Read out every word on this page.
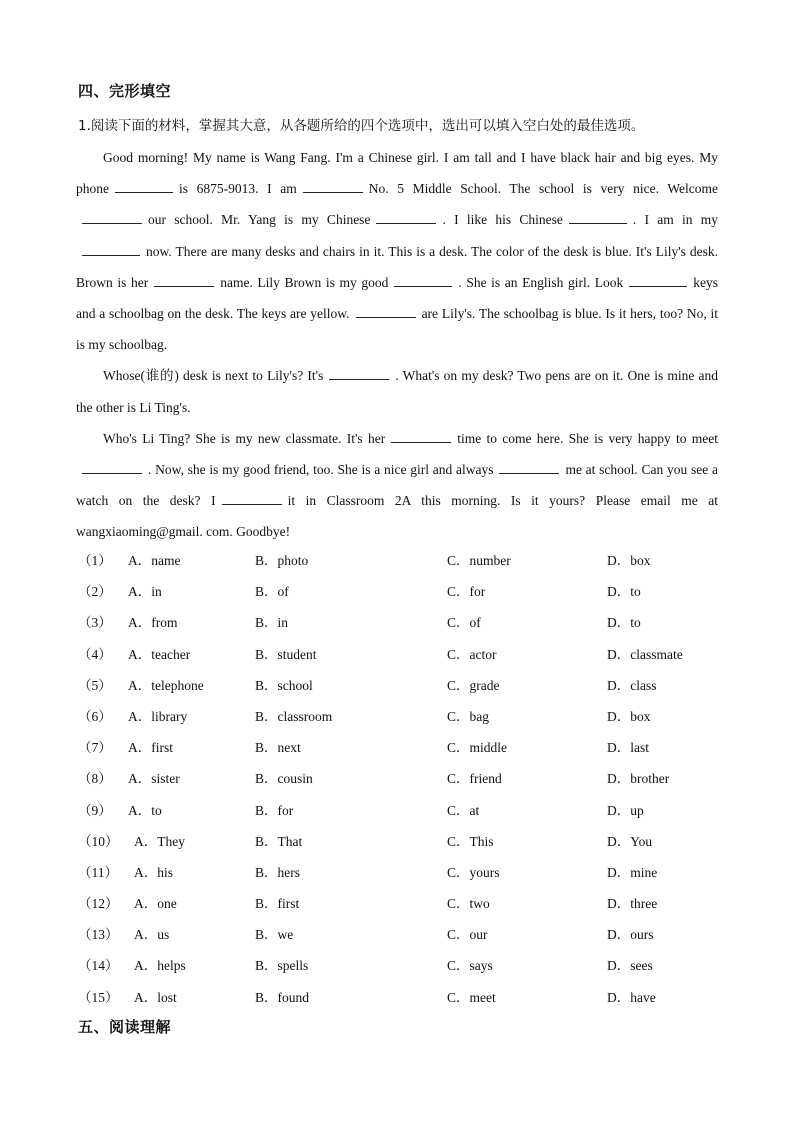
四、完形填空
1.阅读下面的材料，掌握其大意，从各题所给的四个选项中，选出可以填入空白处的最佳选项。

Good morning! My name is Wang Fang. I'm a Chinese girl. I am tall and I have black hair and big eyes. My phone	is 6875-9013. I am	No. 5 Middle School. The school is very nice. Welcomeour school. Mr. Yang is my Chinese	. I like his Chinese	. I am in mynow. There are many desks and chairs in it. This is a desk. The color of the desk is blue. It's Lily's desk. Brown is her	name. Lily Brown is my good	. She is an English girl. Look	keys and a schoolbag on the desk. The keys are yellow.	are Lily's. The schoolbag is blue. Is it hers, too? No, it is my schoolbag.

Whose(谁的) desk is next to Lily's? It's	. What's on my desk? Two pens are on it. One is mine and the other is Li Ting's.

Who's Li Ting? She is my new classmate. It's her	time to come here. She is very happy to meet. Now, she is my good friend, too. She is a nice girl and always	me at school. Can you see a watch on the desk? I	it in Classroom 2A this morning. Is it yours? Please email me at wangxiaoming@gmail. com. Goodbye!

（1） A．name	B．photo	C．number	D．box
（2） A．in	B．of	C．for	D．to
（3） A．from	B．in	C．of	D．to
（4） A．teacher	B．student	C．actor	D．classmate
（5） A．telephone	B．school	C．grade	D．class
（6） A．library	B．classroom	C．bag	D．box
（7） A．first	B．next	C．middle	D．last
（8） A．sister	B．cousin	C．friend	D．brother
（9） A．to	B．for	C．at	D．up
（10） A．They	B．That	C．This	D．You
（11） A．his	B．hers	C．yours	D．mine
（12） A．one	B．first	C．two	D．three
（13） A．us	B．we	C．our	D．ours
（14） A．helps	B．spells	C．says	D．sees
（15） A．lost	B．found	C．meet	D．have
五、阅读理解
